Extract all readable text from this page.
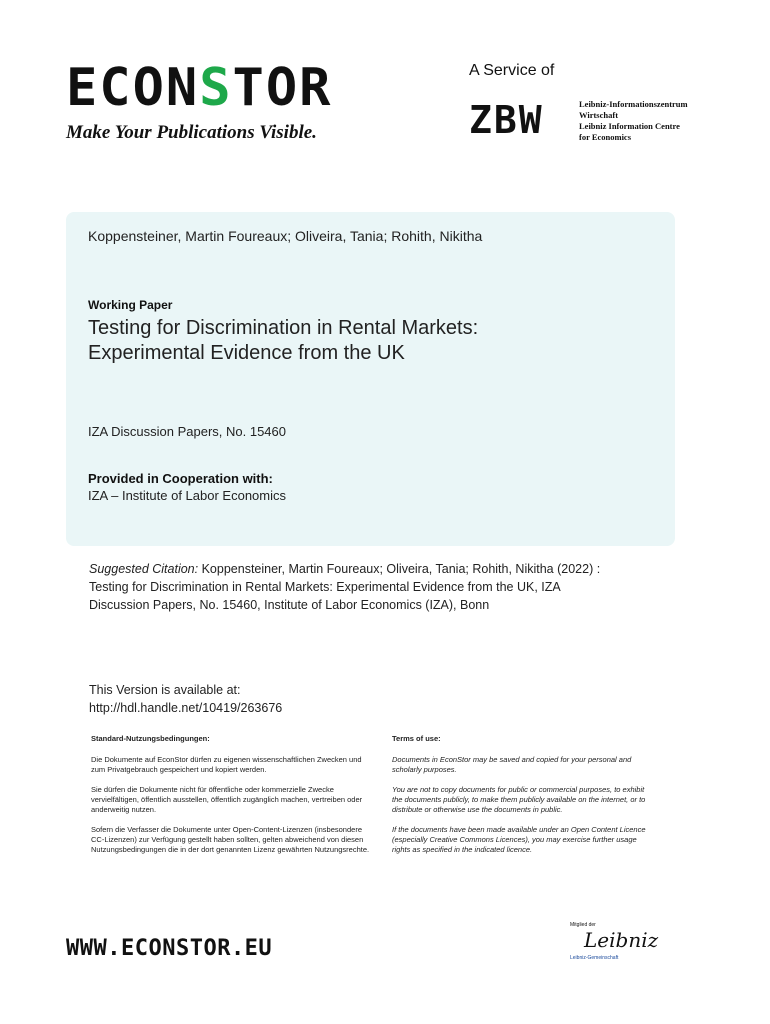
ECONSTOR
Make Your Publications Visible.
A Service of
ZBW	Leibniz-Informationszentrum
Wirtschaft
Leibniz Information Centre
for Economics
Koppensteiner, Martin Foureaux; Oliveira, Tania; Rohith, Nikitha
Working Paper
Testing for Discrimination in Rental Markets:
Experimental Evidence from the UK
IZA Discussion Papers, No. 15460
Provided in Cooperation with:
IZA – Institute of Labor Economics
Suggested Citation: Koppensteiner, Martin Foureaux; Oliveira, Tania; Rohith, Nikitha (2022) :
Testing for Discrimination in Rental Markets: Experimental Evidence from the UK, IZA
Discussion Papers, No. 15460, Institute of Labor Economics (IZA), Bonn
This Version is available at:
http://hdl.handle.net/10419/263676
Standard-Nutzungsbedingungen:

Die Dokumente auf EconStor dürfen zu eigenen wissenschaftlichen Zwecken und zum Privatgebrauch gespeichert und kopiert werden.

Sie dürfen die Dokumente nicht für öffentliche oder kommerzielle Zwecke vervielfältigen, öffentlich ausstellen, öffentlich zugänglich machen, vertreiben oder anderweitig nutzen.

Sofern die Verfasser die Dokumente unter Open-Content-Lizenzen (insbesondere CC-Lizenzen) zur Verfügung gestellt haben sollten, gelten abweichend von diesen Nutzungsbedingungen die in der dort genannten Lizenz gewährten Nutzungsrechte.

Terms of use:

Documents in EconStor may be saved and copied for your personal and scholarly purposes.

You are not to copy documents for public or commercial purposes, to exhibit the documents publicly, to make them publicly available on the internet, or to distribute or otherwise use the documents in public.

If the documents have been made available under an Open Content Licence (especially Creative Commons Licences), you may exercise further usage rights as specified in the indicated licence.

WWW.ECONSTOR.EU
Mitglied der
Leibniz
Leibniz-Gemeinschaft
